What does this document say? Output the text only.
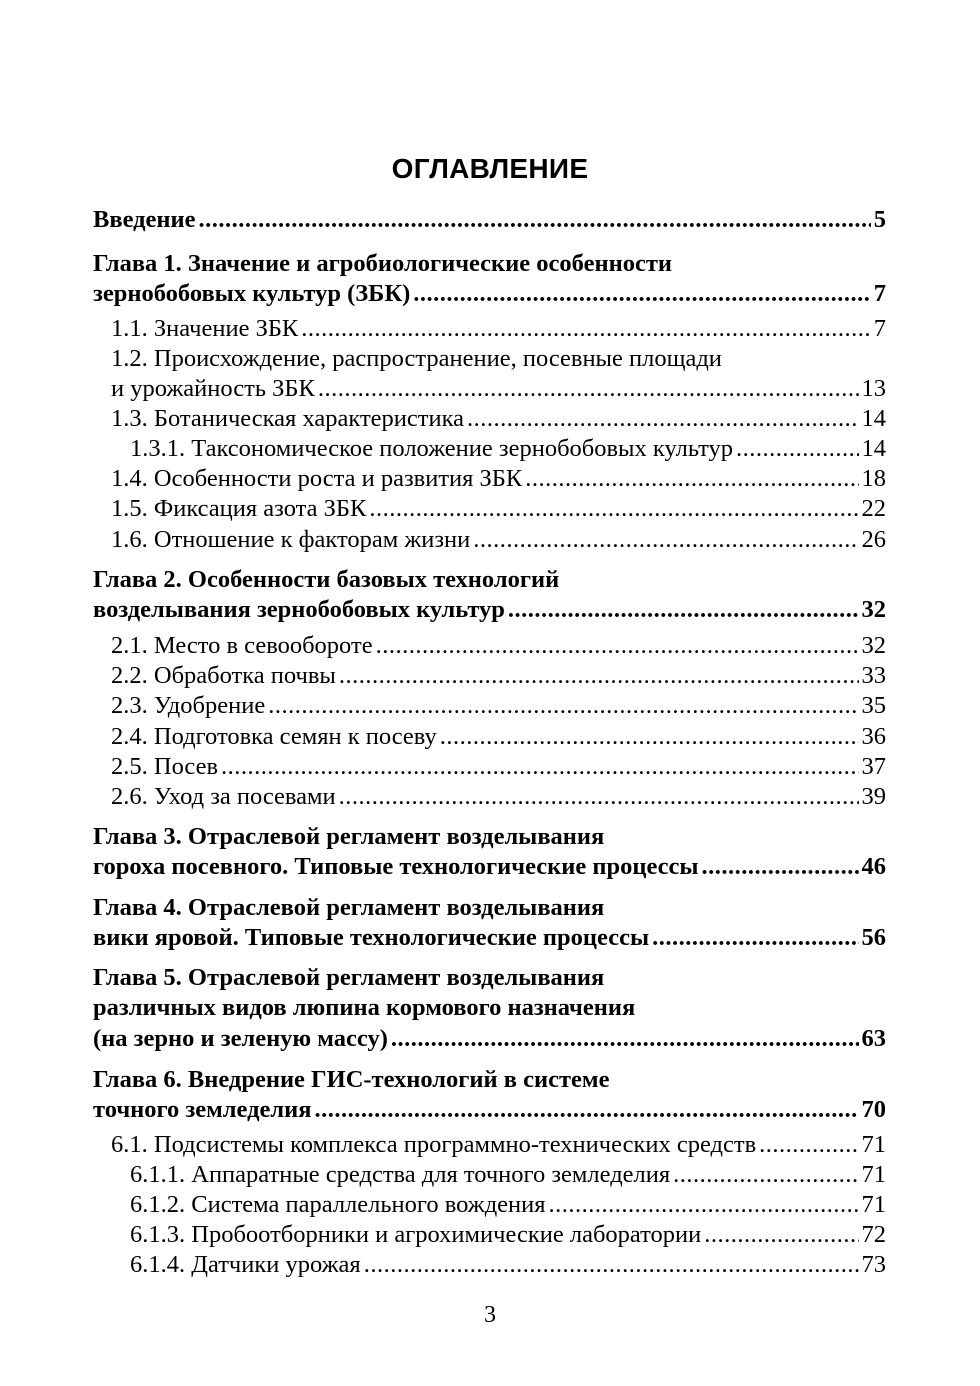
ОГЛАВЛЕНИЕ
Введение .....	5
Глава 1. Значение и агробиологические особенности
зернобобовых культур (ЗБК) .....	7
1.1. Значение ЗБК .....	7
1.2. Происхождение, распространение, посевные площади
и урожайность ЗБК .....	13
1.3. Ботаническая характеристика .....	14
1.3.1. Таксономическое положение зернобобовых культур .....	14
1.4. Особенности роста и развития ЗБК .....	18
1.5. Фиксация азота ЗБК .....	22
1.6. Отношение к факторам жизни .....	26
Глава 2. Особенности базовых технологий
возделывания зернобобовых культур .....	32
2.1. Место в севообороте .....	32
2.2. Обработка почвы .....	33
2.3. Удобрение .....	35
2.4. Подготовка семян к посеву .....	36
2.5. Посев .....	37
2.6. Уход за посевами .....	39
Глава 3. Отраслевой регламент возделывания
гороха посевного. Типовые технологические процессы .....	46
Глава 4. Отраслевой регламент возделывания
вики яровой. Типовые технологические процессы .....	56
Глава 5. Отраслевой регламент возделывания
различных видов люпина кормового назначения
(на зерно и зеленую массу) .....	63
Глава 6. Внедрение ГИС-технологий в системе
точного земледелия .....	70
6.1. Подсистемы комплекса программно-технических средств .....	71
6.1.1. Аппаратные средства для точного земледелия .....	71
6.1.2. Система параллельного вождения .....	71
6.1.3. Пробоотборники и агрохимические лаборатории .....	72
6.1.4. Датчики урожая .....	73
3
